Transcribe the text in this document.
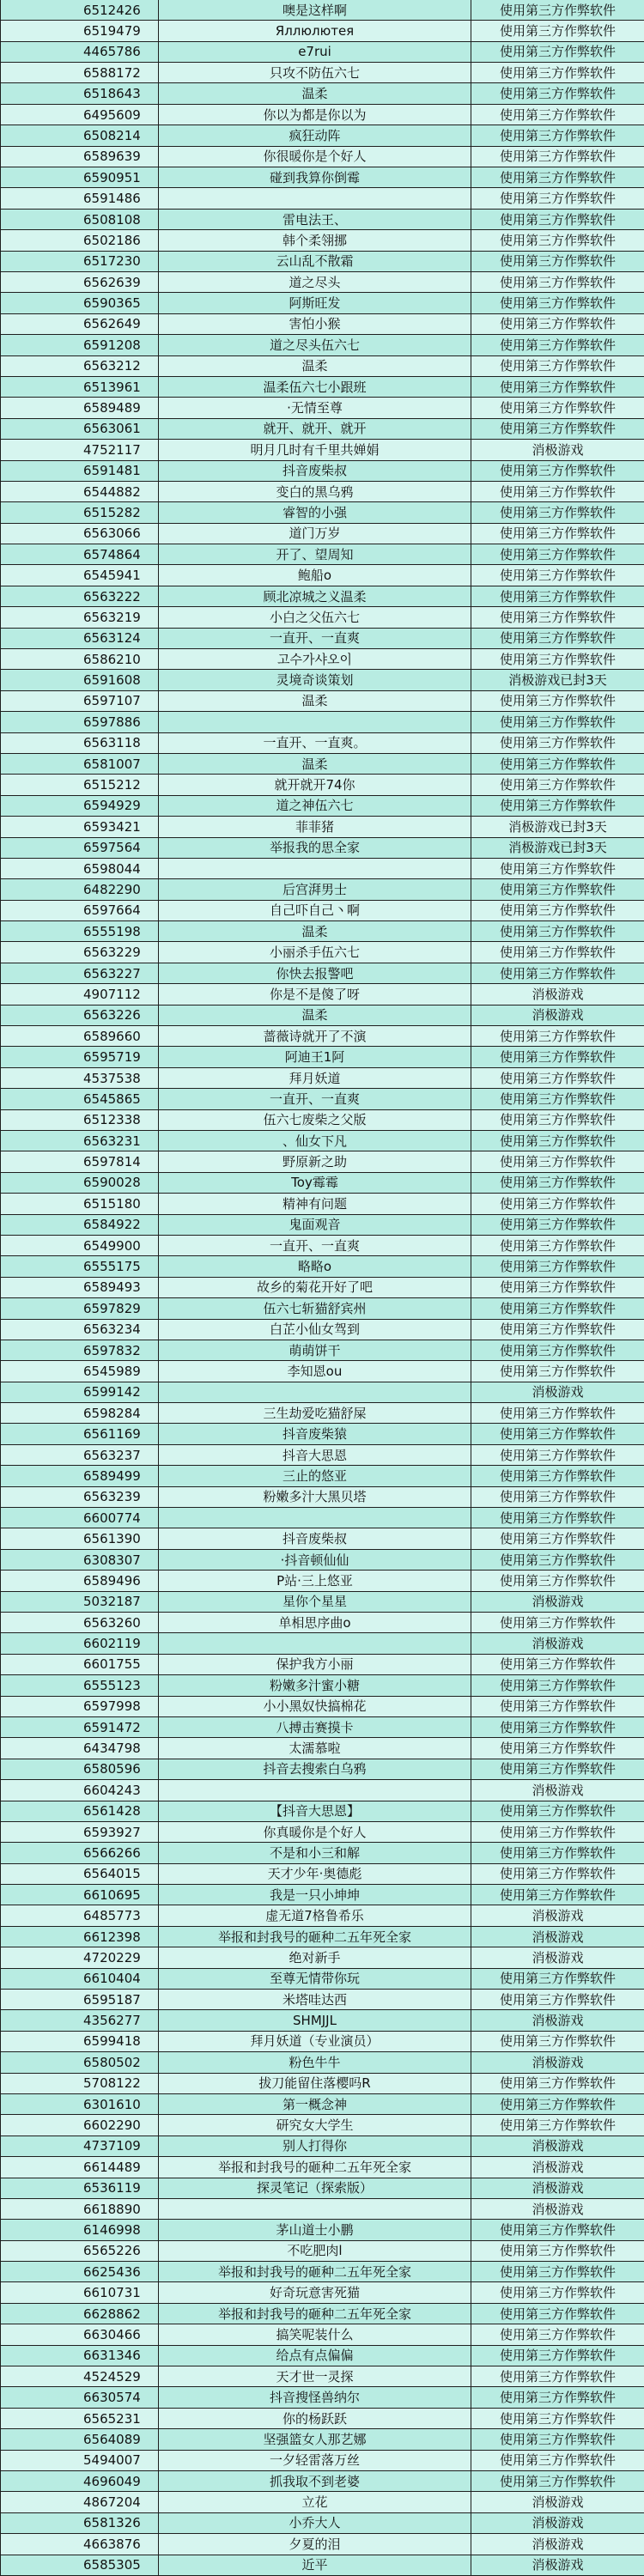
6512426	噢是这样啊	使用第三方作弊软件
6519479	Яллюлютея	使用第三方作弊软件
4465786	e7rui	使用第三方作弊软件
6588172	只攻不防伍六七	使用第三方作弊软件
6518643	温柔	使用第三方作弊软件
6495609	你以为都是你以为	使用第三方作弊软件
6508214	疯狂动阵	使用第三方作弊软件
6589639	你很暖你是个好人	使用第三方作弊软件
6590951	碰到我算你倒霉	使用第三方作弊软件
6591486		使用第三方作弊软件
6508108	雷电法王、	使用第三方作弊软件
6502186	韩个柔翎挪	使用第三方作弊软件
6517230	云山乱不散霜	使用第三方作弊软件
6562639	道之尽头	使用第三方作弊软件
6590365	阿斯旺发	使用第三方作弊软件
6562649	害怕小猴	使用第三方作弊软件
6591208	道之尽头伍六七	使用第三方作弊软件
6563212	温柔	使用第三方作弊软件
6513961	温柔伍六七小跟班	使用第三方作弊软件
6589489	·无情至尊	使用第三方作弊软件
6563061	就开、就开、就开	使用第三方作弊软件
4752117	明月几时有千里共婵娟	消极游戏
6591481	抖音废柴叔	使用第三方作弊软件
6544882	变白的黑乌鸦	使用第三方作弊软件
6515282	睿智的小强	使用第三方作弊软件
6563066	道门万岁	使用第三方作弊软件
6574864	开了、望周知	使用第三方作弊软件
6545941	鲍船o	使用第三方作弊软件
6563222	顾北凉城之义温柔	使用第三方作弊软件
6563219	小白之父伍六七	使用第三方作弊软件
6563124	一直开、一直爽	使用第三方作弊软件
6586210	고수가샤오이	使用第三方作弊软件
6591608	灵境奇谈策划	消极游戏已封3天
6597107	温柔	使用第三方作弊软件
6597886		使用第三方作弊软件
6563118	一直开、一直爽。	使用第三方作弊软件
6581007	温柔	使用第三方作弊软件
6515212	就开就开74你	使用第三方作弊软件
6594929	道之神伍六七	使用第三方作弊软件
6593421	菲菲猪	消极游戏已封3天
6597564	举报我的思全家	消极游戏已封3天
6598044		使用第三方作弊软件
6482290	后宫湃男士	使用第三方作弊软件
6597664	自己吓自己丶啊	使用第三方作弊软件
6555198	温柔	使用第三方作弊软件
6563229	小丽杀手伍六七	使用第三方作弊软件
6563227	你快去报警吧	使用第三方作弊软件
4907112	你是不是傻了呀	消极游戏
6563226	温柔	消极游戏
6589660	蔷薇诗就开了不演	使用第三方作弊软件
6595719	阿迪王1阿	使用第三方作弊软件
4537538	拜月妖道	使用第三方作弊软件
6545865	一直开、一直爽	使用第三方作弊软件
6512338	伍六七废柴之父版	使用第三方作弊软件
6563231	、仙女下凡	使用第三方作弊软件
6597814	野原新之助	使用第三方作弊软件
6590028	Toy霉霉	使用第三方作弊软件
6515180	精神有问题	使用第三方作弊软件
6584922	鬼面观音	使用第三方作弊软件
6549900	一直开、一直爽	使用第三方作弊软件
6555175	略略o	使用第三方作弊软件
6589493	故乡的菊花开好了吧	使用第三方作弊软件
6597829	伍六七斩猫舒宾州	使用第三方作弊软件
6563234	白芷小仙女驾到	使用第三方作弊软件
6597832	萌萌饼干	使用第三方作弊软件
6545989	李知恩ou	使用第三方作弊软件
6599142		消极游戏
6598284	三生劫爱吃猫舒屎	使用第三方作弊软件
6561169	抖音废柴猿	使用第三方作弊软件
6563237	抖音大思恩	使用第三方作弊软件
6589499	三止的悠亚	使用第三方作弊软件
6563239	粉嫩多汁大黑贝塔	使用第三方作弊软件
6600774		使用第三方作弊软件
6561390	抖音废柴叔	使用第三方作弊软件
6308307	·抖音顿仙仙	使用第三方作弊软件
6589496	P站·三上悠亚	使用第三方作弊软件
5032187	星你个星星	消极游戏
6563260	单相思序曲o	使用第三方作弊软件
6602119		消极游戏
6601755	保护我方小丽	使用第三方作弊软件
6555123	粉嫩多汁蜜小糖	使用第三方作弊软件
6597998	小小黑奴快搞棉花	使用第三方作弊软件
6591472	八搏击赛摸卡	使用第三方作弊软件
6434798	太濡慕啦	使用第三方作弊软件
6580596	抖音去搜索白乌鸦	使用第三方作弊软件
6604243		消极游戏
6561428	【抖音大思恩】	使用第三方作弊软件
6593927	你真暖你是个好人	使用第三方作弊软件
6566266	不是和小三和解	使用第三方作弊软件
6564015	天才少年·奥德彪	使用第三方作弊软件
6610695	我是一只小坤坤	使用第三方作弊软件
6485773	虚无道7格鲁希乐	消极游戏
6612398	举报和封我号的砸种二五年死全家	消极游戏
4720229	绝对新手	消极游戏
6610404	至尊无情带你玩	使用第三方作弊软件
6595187	米塔哇达西	使用第三方作弊软件
4356277	SHMJJL	消极游戏
6599418	拜月妖道（专业演员）	使用第三方作弊软件
6580502	粉色牛牛	消极游戏
5708122	拔刀能留住落樱吗R	使用第三方作弊软件
6301610	第一概念神	使用第三方作弊软件
6602290	研究女大学生	使用第三方作弊软件
4737109	别人打得你	消极游戏
6614489	举报和封我号的砸种二五年死全家	消极游戏
6536119	探灵笔记（探索版）	消极游戏
6618890		消极游戏
6146998	茅山道士小鹏	使用第三方作弊软件
6565226	不吃肥肉l	使用第三方作弊软件
6625436	举报和封我号的砸种二五年死全家	使用第三方作弊软件
6610731	好奇玩意害死猫	使用第三方作弊软件
6628862	举报和封我号的砸种二五年死全家	使用第三方作弊软件
6630466	搞笑呢装什么	使用第三方作弊软件
6631346	给点有点偏偏	使用第三方作弊软件
4524529	天才世一灵探	使用第三方作弊软件
6630574	抖音搜怪兽纳尔	使用第三方作弊软件
6565231	你的杨跃跃	使用第三方作弊软件
6564089	坚强篮女人那艺娜	使用第三方作弊软件
5494007	一夕轻雷落万丝	使用第三方作弊软件
4696049	抓我取不到老婆	使用第三方作弊软件
4867204	立花	消极游戏
6581326	小乔大人	消极游戏
4663876	夕夏的泪	消极游戏
6585305	近平	消极游戏
